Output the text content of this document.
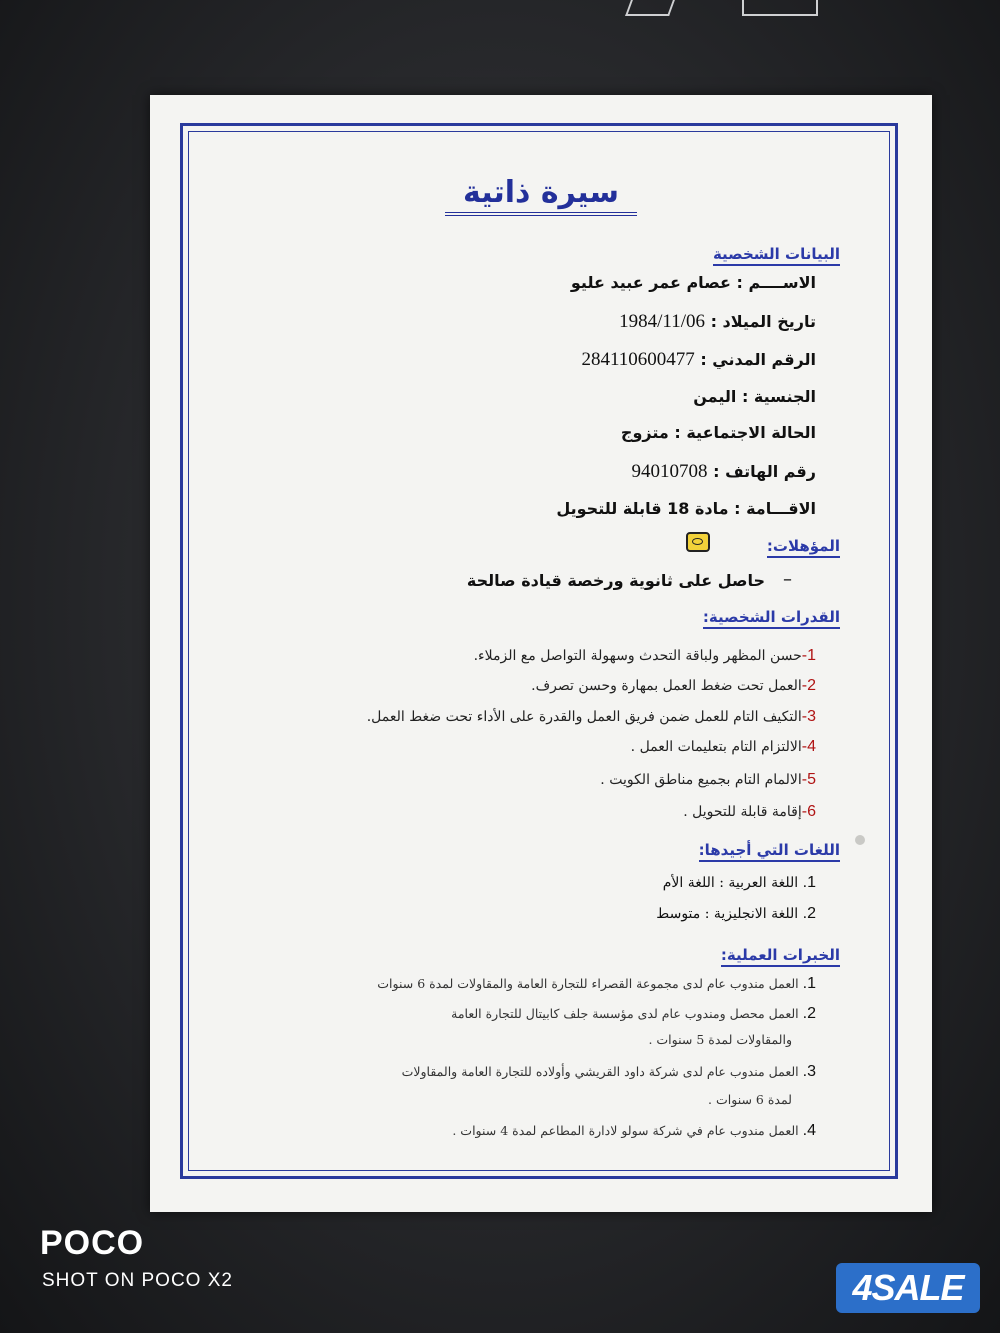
سيرة ذاتية
البيانات الشخصية
الاســــم : عصام عمر عبيد عليو
تاريخ الميلاد : 1984/11/06
الرقم المدني : 284110600477
الجنسية : اليمن
الحالة الاجتماعية : متزوج
رقم الهاتف : 94010708
الاقـــامة : مادة 18 قابلة للتحويل
المؤهلات:
–
حاصل على ثانوية ورخصة قيادة صالحة
القدرات الشخصية:
1-حسن المظهر ولباقة التحدث وسهولة التواصل مع الزملاء.
2-العمل تحت ضغط العمل بمهارة وحسن تصرف.
3-التكيف التام للعمل ضمن فريق العمل والقدرة على الأداء تحت ضغط العمل.
4-الالتزام التام بتعليمات العمل .
5-الالمام التام بجميع مناطق الكويت .
6-إقامة قابلة للتحويل .
اللغات التي أجيدها:
1. اللغة العربية : اللغة الأم
2. اللغة الانجليزية : متوسط
الخبرات العملية:
1. العمل مندوب عام لدى مجموعة القصراء للتجارة العامة والمقاولات لمدة 6 سنوات
2. العمل محصل ومندوب عام لدى مؤسسة جلف كابيتال للتجارة العامة
والمقاولات لمدة 5 سنوات .
3. العمل مندوب عام لدى شركة داود القريشي وأولاده للتجارة العامة والمقاولات
لمدة 6 سنوات .
4. العمل مندوب عام في شركة سولو لادارة المطاعم لمدة 4 سنوات .
POCO
SHOT ON POCO X2	4SALE
